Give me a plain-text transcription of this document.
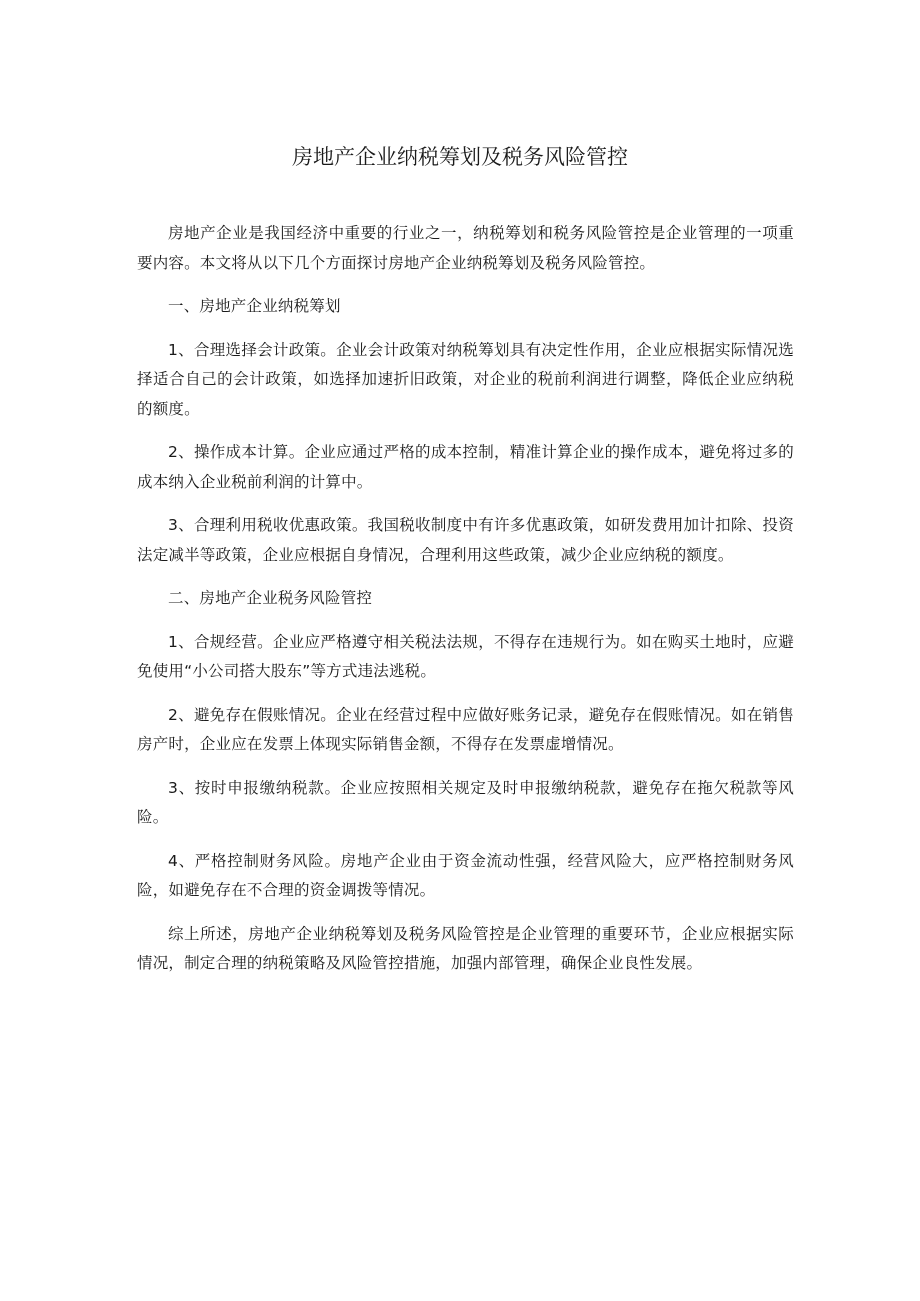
房地产企业纳税筹划及税务风险管控

房地产企业是我国经济中重要的行业之一，纳税筹划和税务风险管控是企业管理的一项重要内容。本文将从以下几个方面探讨房地产企业纳税筹划及税务风险管控。

一、房地产企业纳税筹划

1、合理选择会计政策。企业会计政策对纳税筹划具有决定性作用，企业应根据实际情况选择适合自己的会计政策，如选择加速折旧政策，对企业的税前利润进行调整，降低企业应纳税的额度。

2、操作成本计算。企业应通过严格的成本控制，精准计算企业的操作成本，避免将过多的成本纳入企业税前利润的计算中。

3、合理利用税收优惠政策。我国税收制度中有许多优惠政策，如研发费用加计扣除、投资法定减半等政策，企业应根据自身情况，合理利用这些政策，减少企业应纳税的额度。

二、房地产企业税务风险管控

1、合规经营。企业应严格遵守相关税法法规，不得存在违规行为。如在购买土地时，应避免使用“小公司搭大股东”等方式违法逃税。

2、避免存在假账情况。企业在经营过程中应做好账务记录，避免存在假账情况。如在销售房产时，企业应在发票上体现实际销售金额，不得存在发票虚增情况。

3、按时申报缴纳税款。企业应按照相关规定及时申报缴纳税款，避免存在拖欠税款等风险。

4、严格控制财务风险。房地产企业由于资金流动性强，经营风险大，应严格控制财务风险，如避免存在不合理的资金调拨等情况。

综上所述，房地产企业纳税筹划及税务风险管控是企业管理的重要环节，企业应根据实际情况，制定合理的纳税策略及风险管控措施，加强内部管理，确保企业良性发展。
